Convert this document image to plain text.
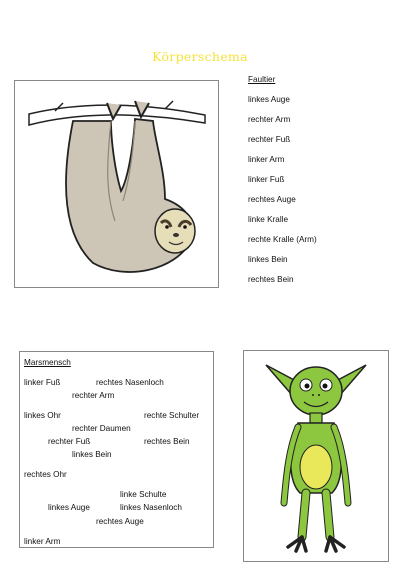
Körperschema
Faultier
linkes Auge
rechter Arm
rechter Fuß
linker Arm
linker Fuß
rechtes Auge
linke Kralle
rechte Kralle (Arm)
linkes Bein
rechtes Bein
Marsmensch
linker Fuß	rechtes Nasenloch
rechter Arm
linkes Ohr	rechte Schulter
rechter Daumen
rechter Fuß	rechtes Bein
linkes Bein
rechtes Ohr
linke Schulte
linkes Auge	linkes Nasenloch
rechtes Auge
linker Arm
